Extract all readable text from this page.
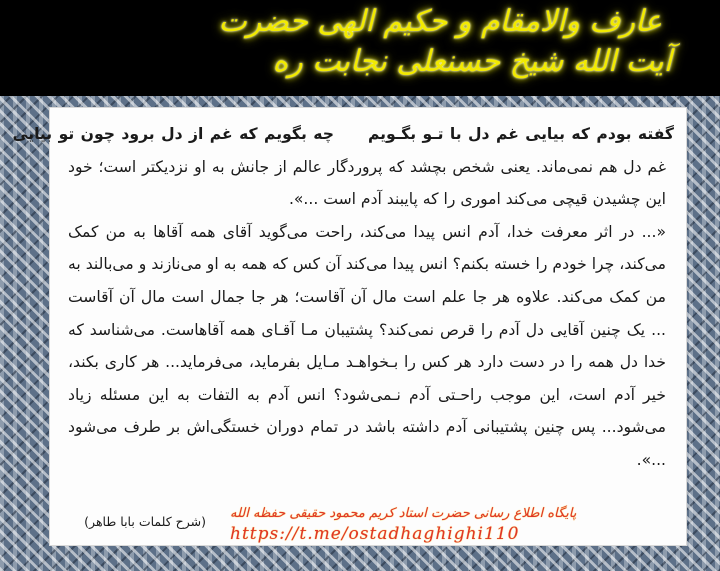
عارف والامقام و حکیم الهی حضرت
آیت الله شیخ حسنعلی نجابت ره
گفته بودم که بیایی غم دل با تـو بگـویمچه بگویم که غم از دل برود چون تو بیایی

غم دل هم نمی‌ماند. یعنی شخص بچشد که پروردگار عالم از جانش به او نزدیکتر است؛ خود این چشیدن قیچی می‌کند اموری را که پایبند آدم است ...».

«... در اثر معرفت خدا، آدم انس پیدا می‌کند، راحت می‌گوید آقای همه آقاها به من کمک می‌کند، چرا خودم را خسته بکنم؟ انس پیدا می‌کند آن کس که همه به او می‌نازند و می‌بالند به من کمک می‌کند. علاوه هر جا علم است مال آن آقاست؛ هر جا جمال است مال آن آقاست ... یک چنین آقایی دل آدم را قرص نمی‌کند؟ پشتیبان مـا آقـای همه آقاهاست. می‌شناسد که خدا دل همه را در دست دارد هر کس را بـخواهـد مـایل بفرماید، می‌فرماید... هر کاری بکند، خیر آدم است، این موجب راحـتی آدم نـمی‌شود؟ انس آدم به التفات به این مسئله زیاد می‌شود... پس چنین پشتیبانی آدم داشته باشد در تمام دوران خستگی‌اش بر طرف می‌شود ...».

(شرح کلمات بابا طاهر)
پایگاه اطلاع رسانی حضرت استاد کریم محمود حقیقی حفظه الله
https://t.me/ostadhaghighi110
